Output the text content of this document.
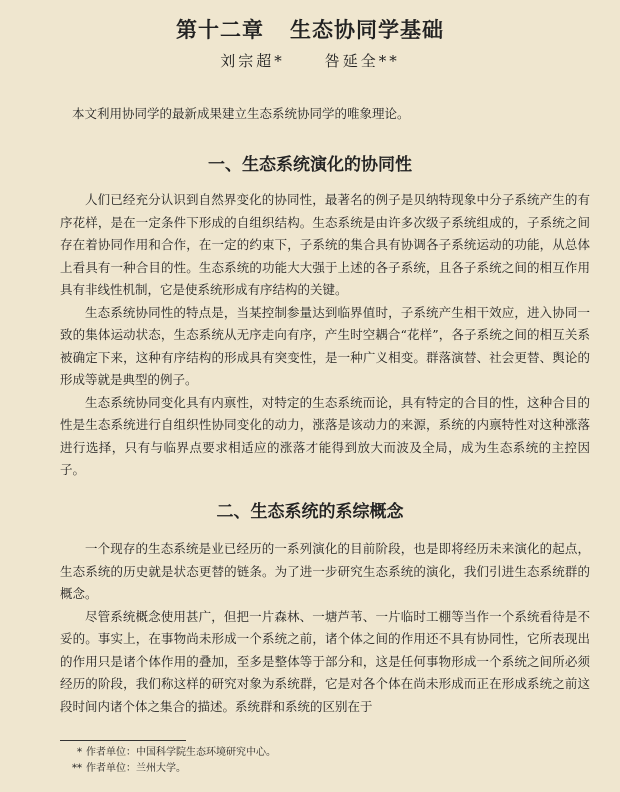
第十二章 生态协同学基础
刘宗超*	咎延全**

本文利用协同学的最新成果建立生态系统协同学的唯象理论。

一、生态系统演化的协同性

人们已经充分认识到自然界变化的协同性，最著名的例子是贝纳特现象中分子系统产生的有序花样，是在一定条件下形成的自组织结构。生态系统是由许多次级子系统组成的，子系统之间存在着协同作用和合作，在一定的约束下，子系统的集合具有协调各子系统运动的功能，从总体上看具有一种合目的性。生态系统的功能大大强于上述的各子系统，且各子系统之间的相互作用具有非线性机制，它是使系统形成有序结构的关键。

生态系统协同性的特点是，当某控制参量达到临界值时，子系统产生相干效应，进入协同一致的集体运动状态，生态系统从无序走向有序，产生时空耦合“花样”，各子系统之间的相互关系被确定下来，这种有序结构的形成具有突变性，是一种广义相变。群落演替、社会更替、舆论的形成等就是典型的例子。

生态系统协同变化具有内禀性，对特定的生态系统而论，具有特定的合目的性，这种合目的性是生态系统进行自组织性协同变化的动力，涨落是该动力的来源，系统的内禀特性对这种涨落进行选择，只有与临界点要求相适应的涨落才能得到放大而波及全局，成为生态系统的主控因子。

二、生态系统的系综概念

一个现存的生态系统是业已经历的一系列演化的目前阶段，也是即将经历未来演化的起点，生态系统的历史就是状态更替的链条。为了进一步研究生态系统的演化，我们引进生态系统群的概念。

尽管系统概念使用甚广，但把一片森林、一塘芦苇、一片临时工棚等当作一个系统看待是不妥的。事实上，在事物尚未形成一个系统之前，诸个体之间的作用还不具有协同性，它所表现出的作用只是诸个体作用的叠加，至多是整体等于部分和，这是任何事物形成一个系统之间所必须经历的阶段，我们称这样的研究对象为系统群，它是对各个体在尚未形成而正在形成系统之前这段时间内诸个体之集合的描述。系统群和系统的区别在于

* 作者单位：中国科学院生态环境研究中心。
** 作者单位：兰州大学。
